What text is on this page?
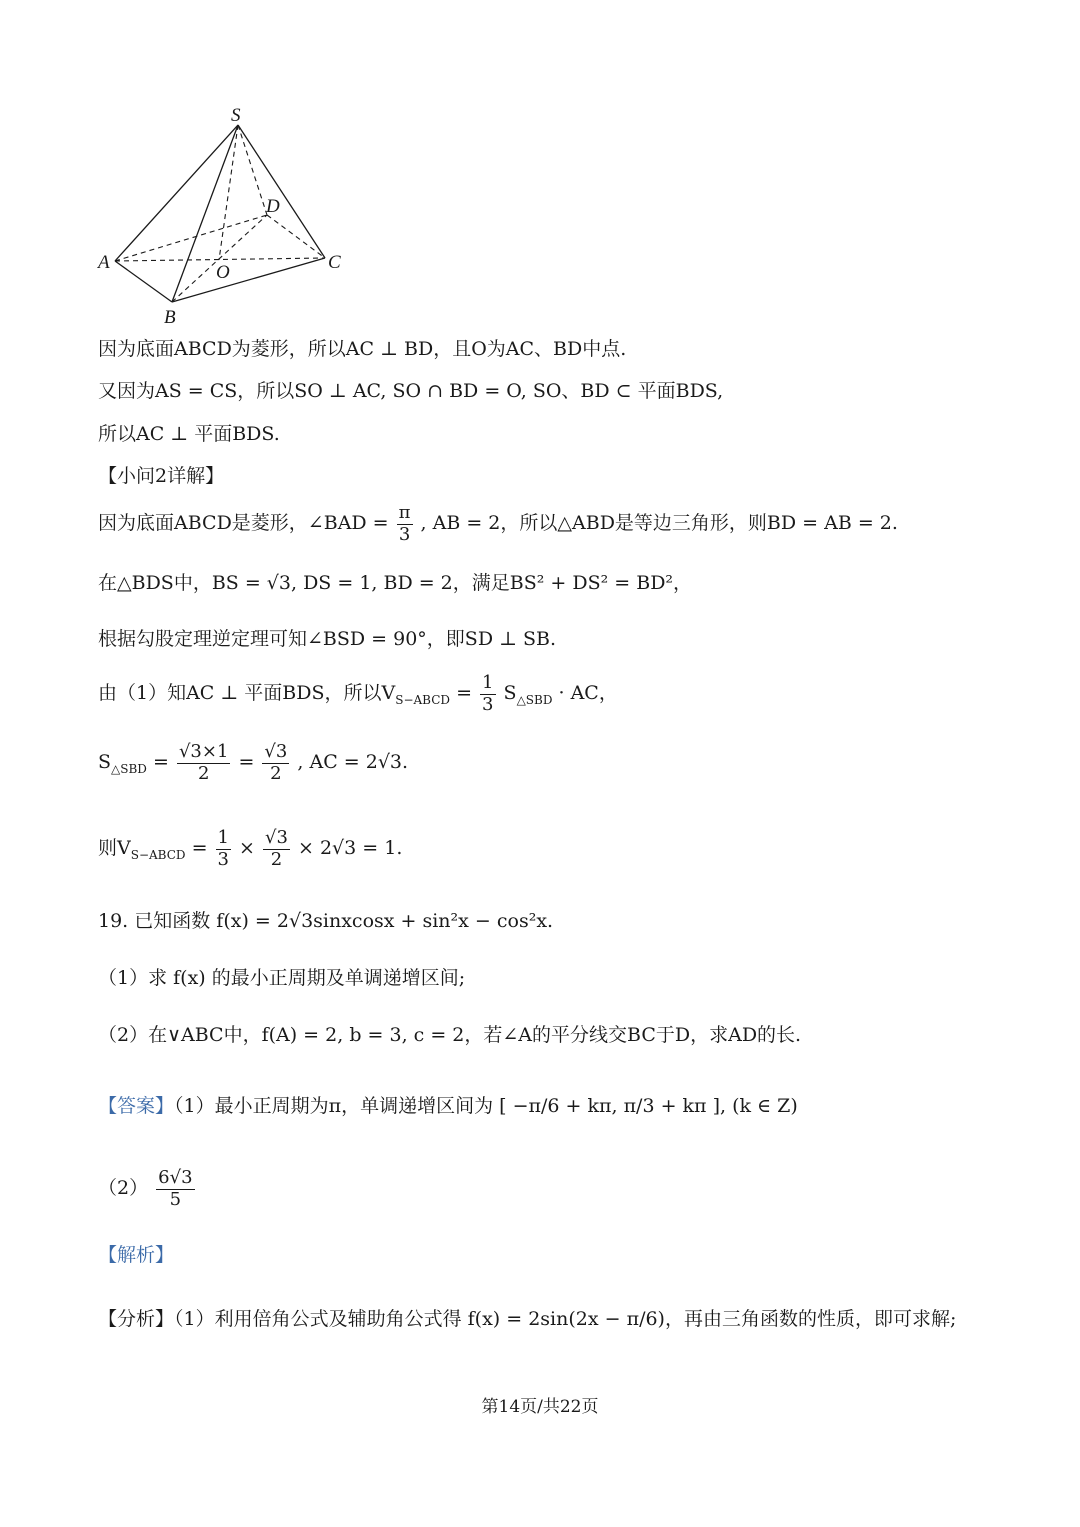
S
A
B
C
D
O
因为底面ABCD为菱形，所以AC ⊥ BD，且O为AC、BD中点.
又因为AS = CS，所以SO ⊥ AC, SO ∩ BD = O, SO、BD ⊂ 平面BDS,
所以AC ⊥ 平面BDS.
【小问2详解】
因为底面ABCD是菱形，∠BAD = $\frac{\pi}{3}$ , AB = 2，所以△ABD是等边三角形，则BD = AB = 2.
在△BDS中，BS = √3, DS = 1, BD = 2，满足BS² + DS² = BD²，
根据勾股定理逆定理可知∠BSD = 90°，即SD ⊥ SB.
由（1）知AC ⊥ 平面BDS，所以$V_{S-ABCD} = \frac{1}{3} S_{\triangle SBD}$ · AC，
$S_{\triangle SBD} = \frac{√3\times 1}{2} = \frac{√3}{2}$ , AC = 2√3.
则$V_{S-ABCD} = \frac{1}{3} \times \frac{√3}{2} \times 2√3 = 1$.
19. 已知函数 f(x) = 2√3sinxcosx + sin²x − cos²x.
（1）求 f(x) 的最小正周期及单调递增区间;
（2）在∨ABC中，f(A) = 2, b = 3, c = 2，若∠A的平分线交BC于D，求AD的长.
【答案】（1）最小正周期为π，单调递增区间为 [ −π/6 + kπ, π/3 + kπ ], (k ∈ Z)
$(2) \frac{6√3}{5}$
【解析】
【分析】（1）利用倍角公式及辅助角公式得 f(x) = 2sin(2x − π/6)，再由三角函数的性质，即可求解;
第14页/共22页
